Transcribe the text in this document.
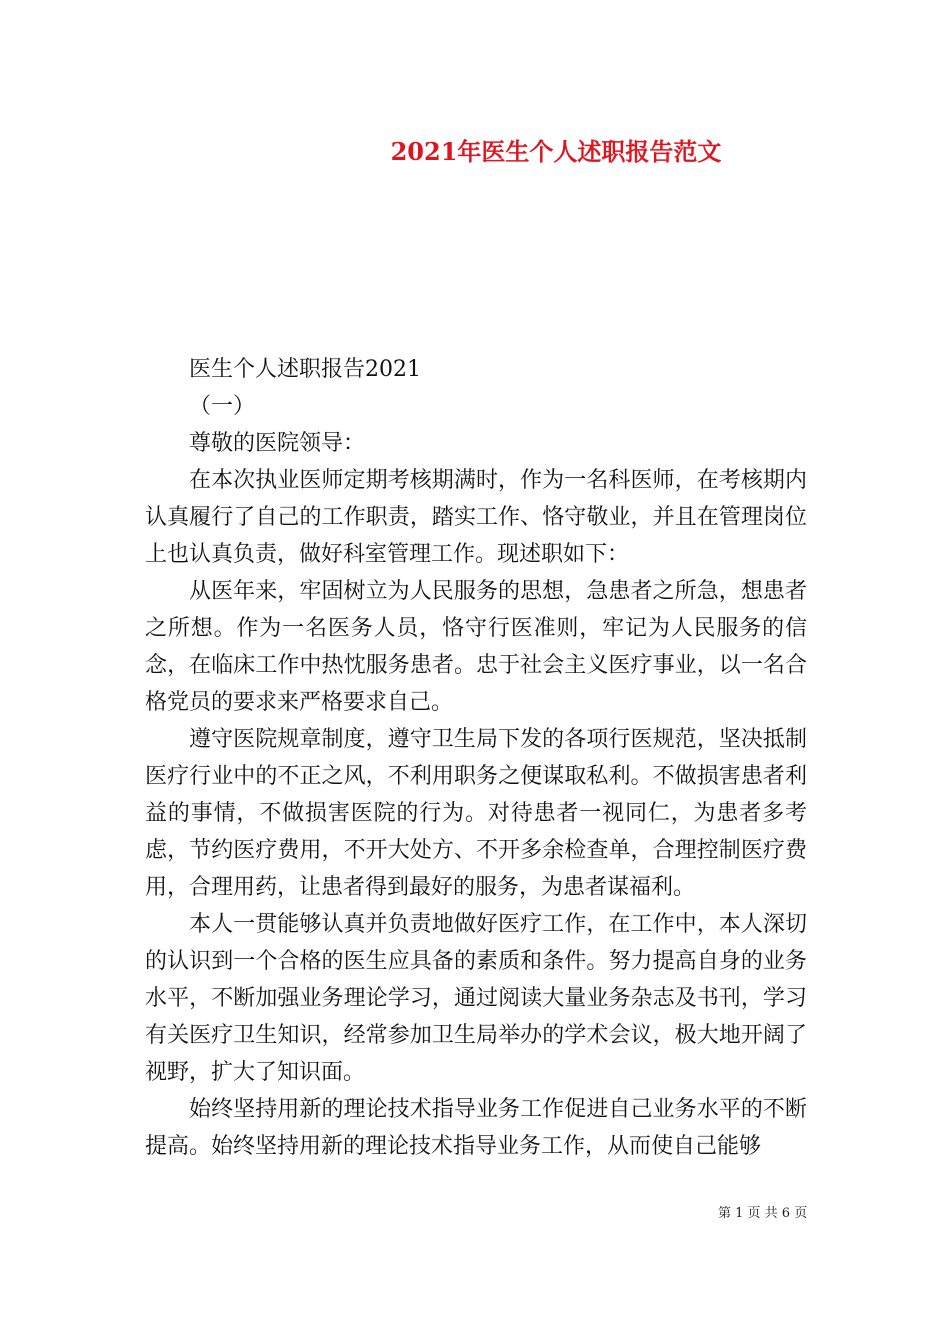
2021年医生个人述职报告范文

医生个人述职报告2021

（一）

尊敬的医院领导：

在本次执业医师定期考核期满时，作为一名科医师，在考核期内认真履行了自己的工作职责，踏实工作、恪守敬业，并且在管理岗位上也认真负责，做好科室管理工作。现述职如下：

从医年来，牢固树立为人民服务的思想，急患者之所急，想患者之所想。作为一名医务人员，恪守行医准则，牢记为人民服务的信念，在临床工作中热忱服务患者。忠于社会主义医疗事业，以一名合格党员的要求来严格要求自己。

遵守医院规章制度，遵守卫生局下发的各项行医规范，坚决抵制医疗行业中的不正之风，不利用职务之便谋取私利。不做损害患者利益的事情，不做损害医院的行为。对待患者一视同仁，为患者多考虑，节约医疗费用，不开大处方、不开多余检查单，合理控制医疗费用，合理用药，让患者得到最好的服务，为患者谋福利。

本人一贯能够认真并负责地做好医疗工作，在工作中，本人深切的认识到一个合格的医生应具备的素质和条件。努力提高自身的业务水平，不断加强业务理论学习，通过阅读大量业务杂志及书刊，学习有关医疗卫生知识，经常参加卫生局举办的学术会议，极大地开阔了视野，扩大了知识面。

始终坚持用新的理论技术指导业务工作促进自己业务水平的不断提高。始终坚持用新的理论技术指导业务工作，从而使自己能够

第 1 页 共 6 页
